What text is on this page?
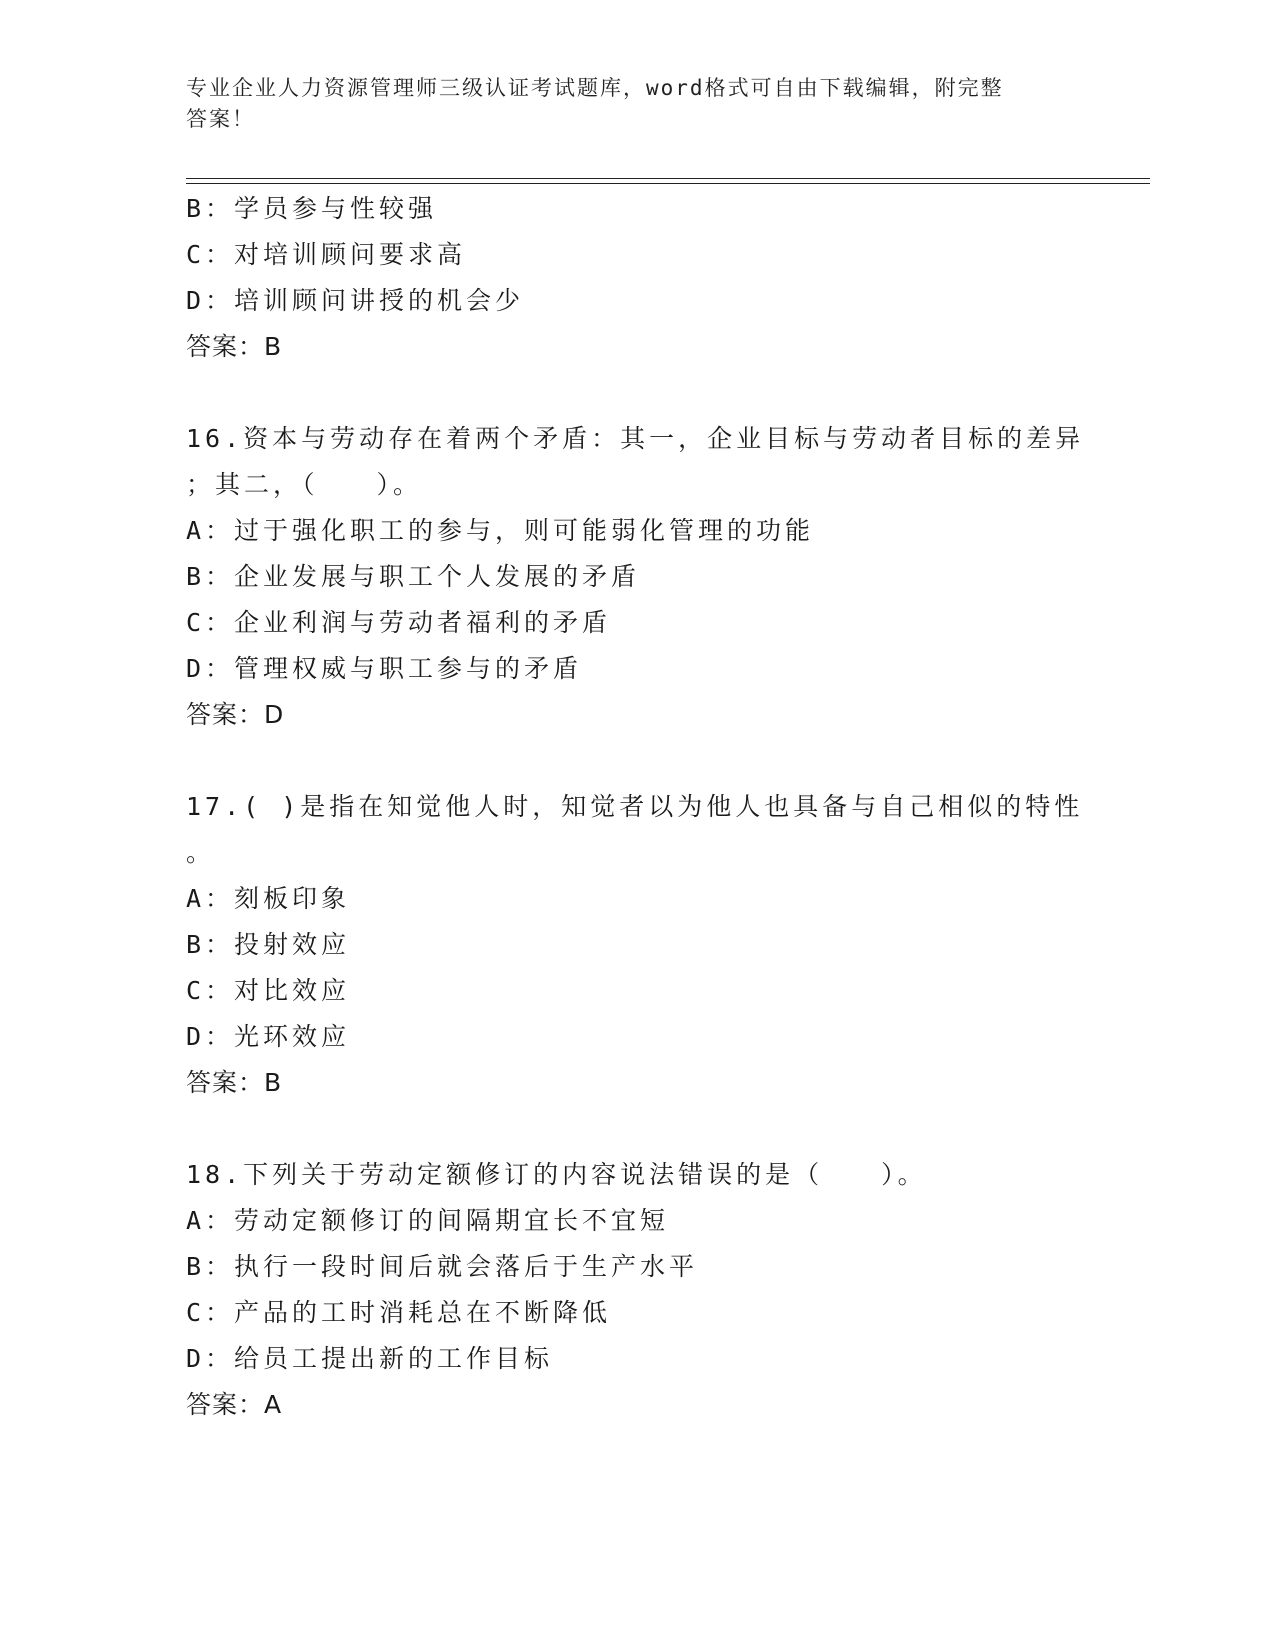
专业企业人力资源管理师三级认证考试题库，word格式可自由下载编辑，附完整
答案！
B：学员参与性较强
C：对培训顾问要求高
D：培训顾问讲授的机会少
答案：B
16.资本与劳动存在着两个矛盾：其一，企业目标与劳动者目标的差异
；其二，（　　）。
A：过于强化职工的参与，则可能弱化管理的功能
B：企业发展与职工个人发展的矛盾
C：企业利润与劳动者福利的矛盾
D：管理权威与职工参与的矛盾
答案：D
17.( )是指在知觉他人时，知觉者以为他人也具备与自己相似的特性
。
A：刻板印象
B：投射效应
C：对比效应
D：光环效应
答案：B
18.下列关于劳动定额修订的内容说法错误的是（　　）。
A：劳动定额修订的间隔期宜长不宜短
B：执行一段时间后就会落后于生产水平
C：产品的工时消耗总在不断降低
D：给员工提出新的工作目标
答案：A
